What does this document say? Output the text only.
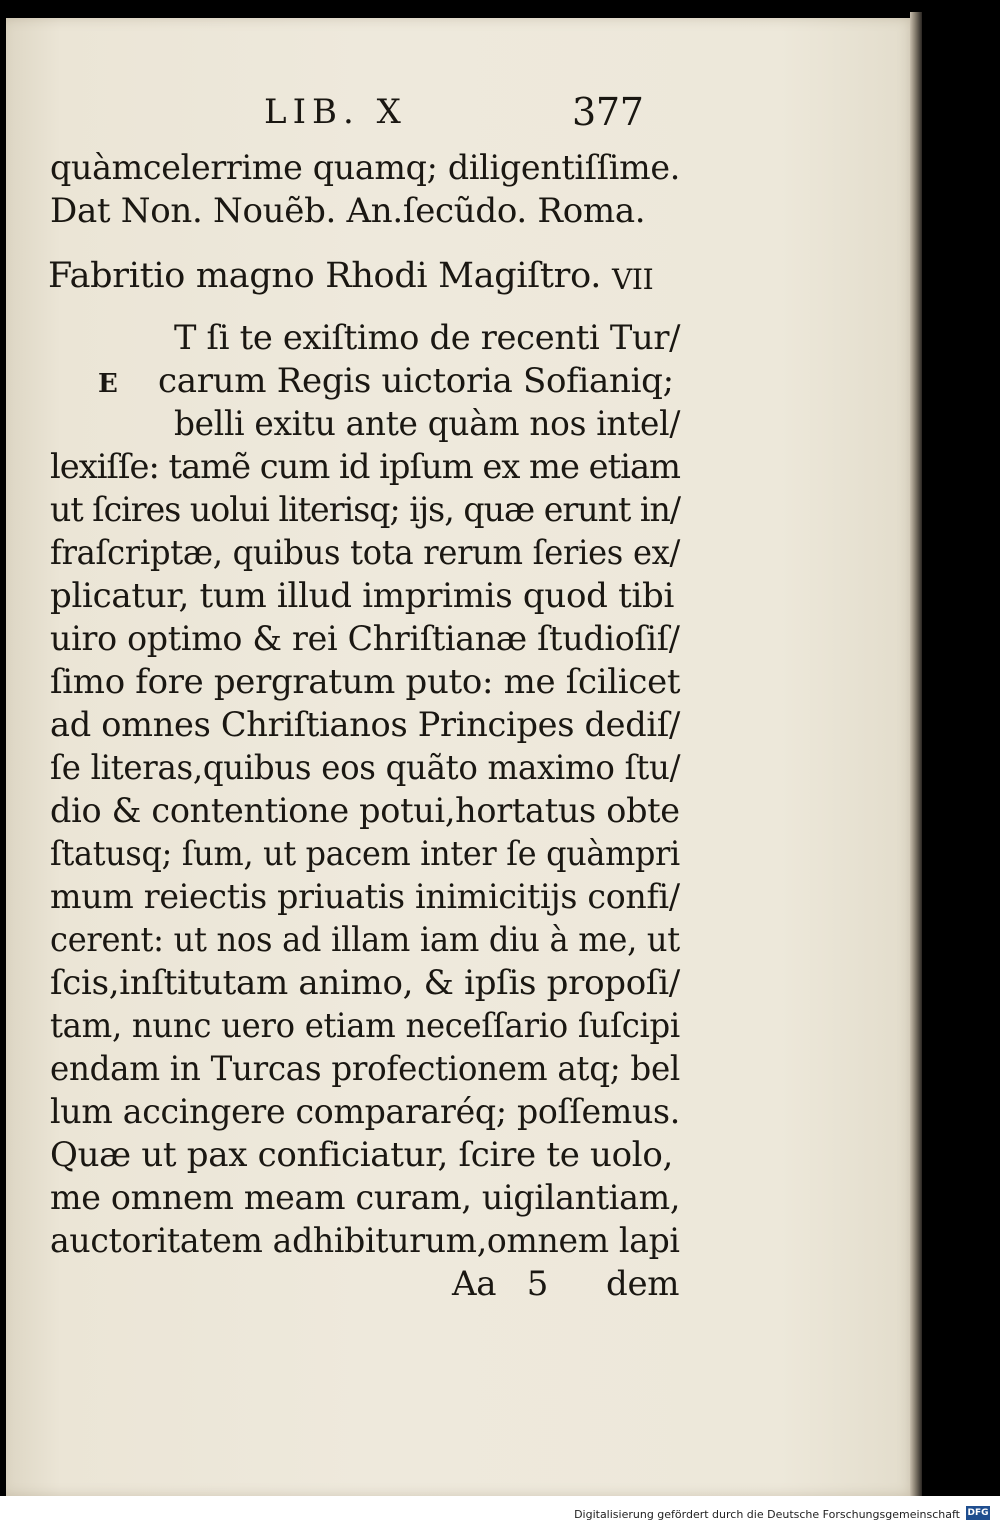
LIB. X	377
quàmcelerrime quamq; diligentiſſime.
Dat Non. Nouẽb. An.ſecũdo. Roma.
Fabritio magno Rhodi Magiſtro. VII
E
T ſi te exiſtimo de recenti Tur/
carum Regis uictoria Sofianiq;
belli exitu ante quàm nos intel/
lexiſſe: tamẽ cum id ipſum ex me etiam
ut ſcires uolui literisq; ijs, quæ erunt in/
fraſcriptæ, quibus tota rerum ſeries ex/
plicatur, tum illud imprimis quod tibi
uiro optimo & rei Chriſtianæ ſtudioſiſ/
ſimo fore pergratum puto: me ſcilicet
ad omnes Chriſtianos Principes dediſ/
ſe literas,quibus eos quãto maximo ſtu/
dio & contentione potui,hortatus obte
ſtatusq; ſum, ut pacem inter ſe quàmpri
mum reiectis priuatis inimicitijs confi/
cerent: ut nos ad illam iam diu à me, ut
ſcis,inſtitutam animo, & ipſis propoſi/
tam, nunc uero etiam neceſſario ſuſcipi
endam in Turcas profectionem atq; bel
lum accingere compararéq; poſſemus.
Quæ ut pax conficiatur, ſcire te uolo,
me omnem meam curam, uigilantiam,
auctoritatem adhibiturum,omnem lapi
Aa 5 dem
Digitalisierung gefördert durch die Deutsche Forschungsgemeinschaft DFG
